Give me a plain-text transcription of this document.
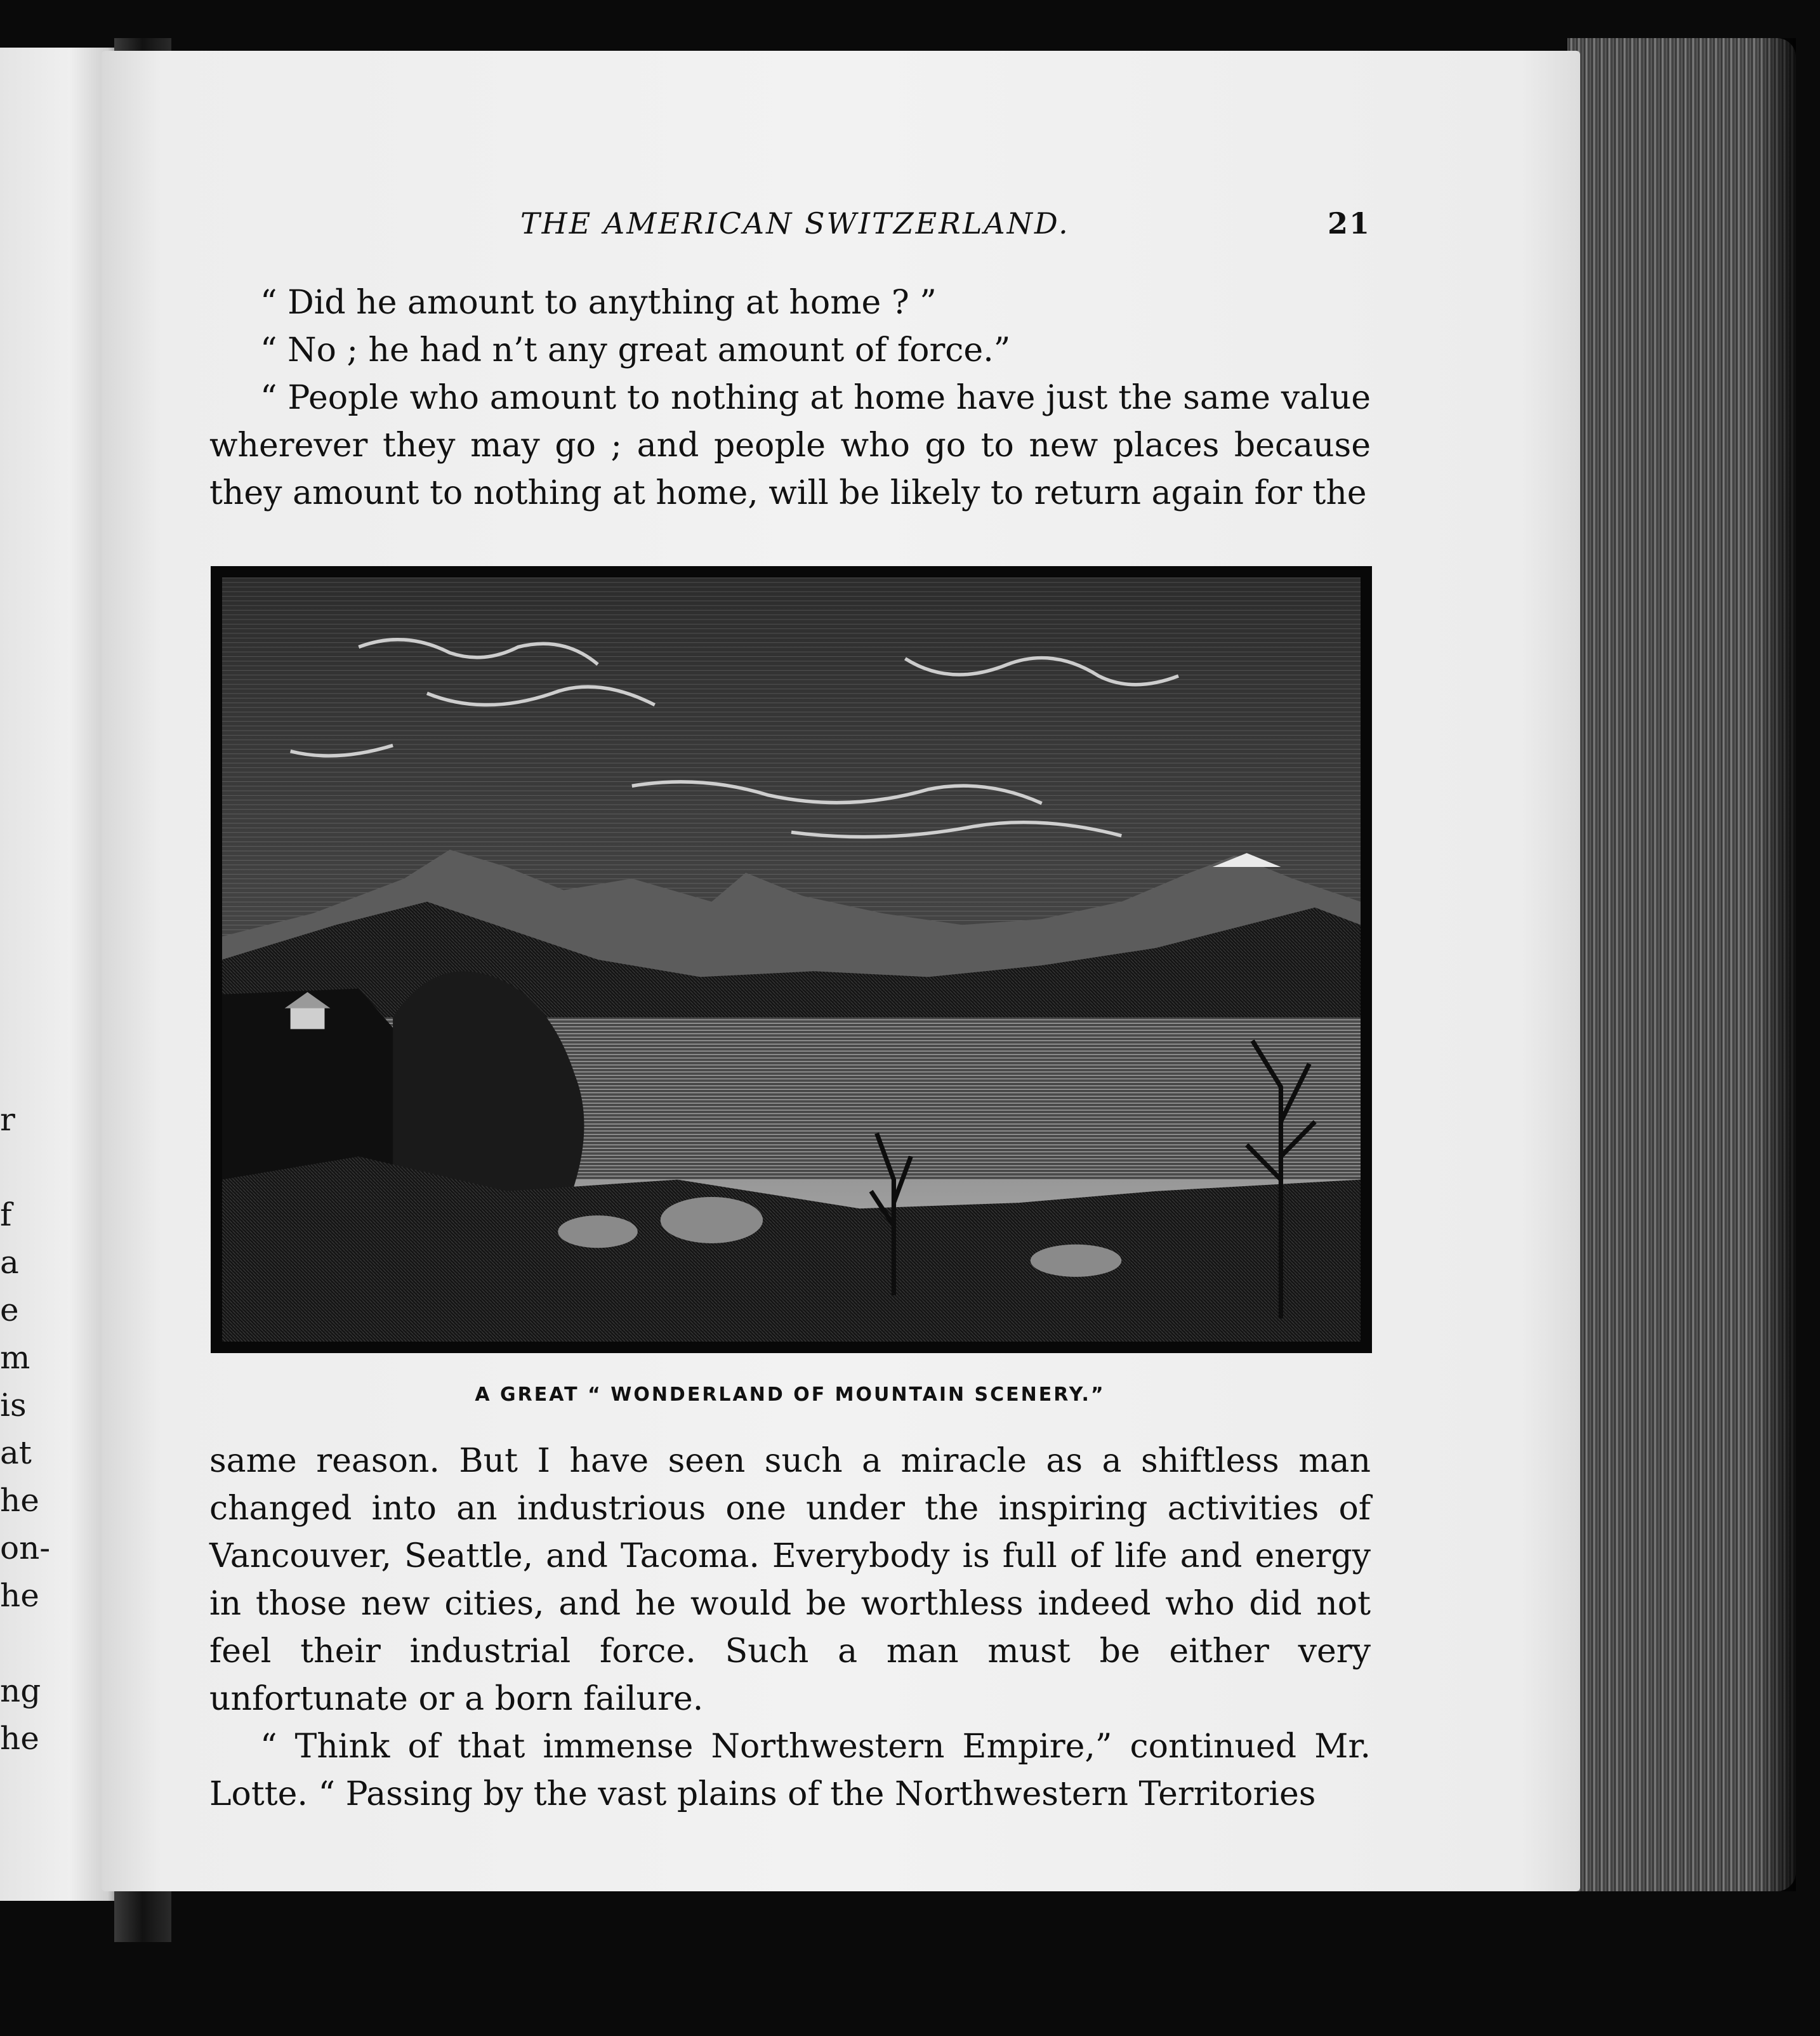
r
f
a
e
m
is
at
he
on-
he
ng
he
THE AMERICAN SWITZERLAND.	21

“ Did he amount to anything at home ? ”

“ No ; he had n’t any great amount of force.”

“ People who amount to nothing at home have just the same value wherever they may go ; and people who go to new places because they amount to nothing at home, will be likely to return again for the

A GREAT “ WONDERLAND OF MOUNTAIN SCENERY.”

same reason. But I have seen such a miracle as a shiftless man changed into an industrious one under the inspiring activities of Vancouver, Seattle, and Tacoma. Everybody is full of life and energy in those new cities, and he would be worthless indeed who did not feel their industrial force. Such a man must be either very unfortunate or a born failure.

“ Think of that immense Northwestern Empire,” continued Mr. Lotte. “ Passing by the vast plains of the Northwestern Territories
